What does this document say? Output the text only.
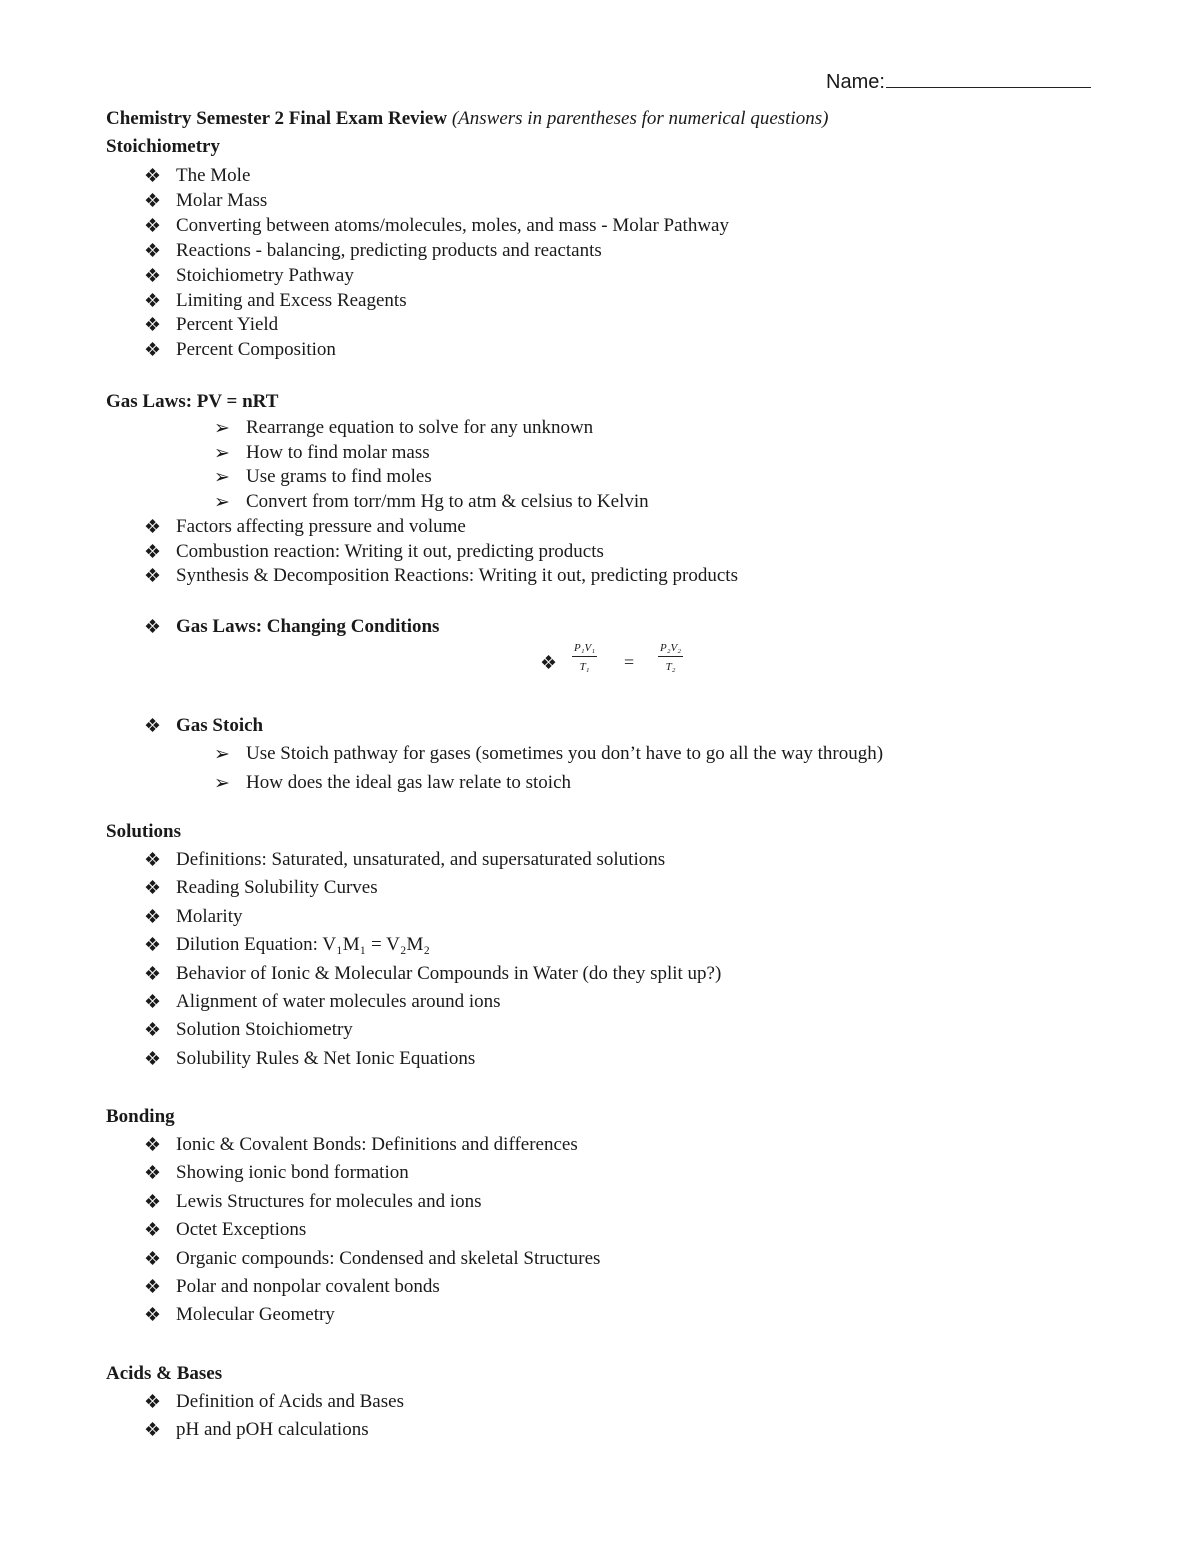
Name:
Chemistry Semester 2 Final Exam Review (Answers in parentheses for numerical questions)
Stoichiometry
❖ The Mole
❖ Molar Mass
❖ Converting between atoms/molecules, moles, and mass - Molar Pathway
❖ Reactions - balancing, predicting products and reactants
❖ Stoichiometry Pathway
❖ Limiting and Excess Reagents
❖ Percent Yield
❖ Percent Composition
Gas Laws: PV = nRT
➢ Rearrange equation to solve for any unknown
➢ How to find molar mass
➢ Use grams to find moles
➢ Convert from torr/mm Hg to atm & celsius to Kelvin
❖ Factors affecting pressure and volume
❖ Combustion reaction: Writing it out, predicting products
❖ Synthesis & Decomposition Reactions: Writing it out, predicting products
❖ Gas Laws: Changing Conditions
❖ $\frac{\text{P₁V₁}}{\text{T₁}} = \frac{\text{P₂V₂}}{\text{T₂}}$
❖ Gas Stoich
➢ Use Stoich pathway for gases (sometimes you don’t have to go all the way through)
➢ How does the ideal gas law relate to stoich
Solutions
❖ Definitions: Saturated, unsaturated, and supersaturated solutions
❖ Reading Solubility Curves
❖ Molarity
❖ Dilution Equation: V₁M₁ = V₂M₂
❖ Behavior of Ionic & Molecular Compounds in Water (do they split up?)
❖ Alignment of water molecules around ions
❖ Solution Stoichiometry
❖ Solubility Rules & Net Ionic Equations
Bonding
❖ Ionic & Covalent Bonds: Definitions and differences
❖ Showing ionic bond formation
❖ Lewis Structures for molecules and ions
❖ Octet Exceptions
❖ Organic compounds: Condensed and skeletal Structures
❖ Polar and nonpolar covalent bonds
❖ Molecular Geometry
Acids & Bases
❖ Definition of Acids and Bases
❖ pH and pOH calculations
